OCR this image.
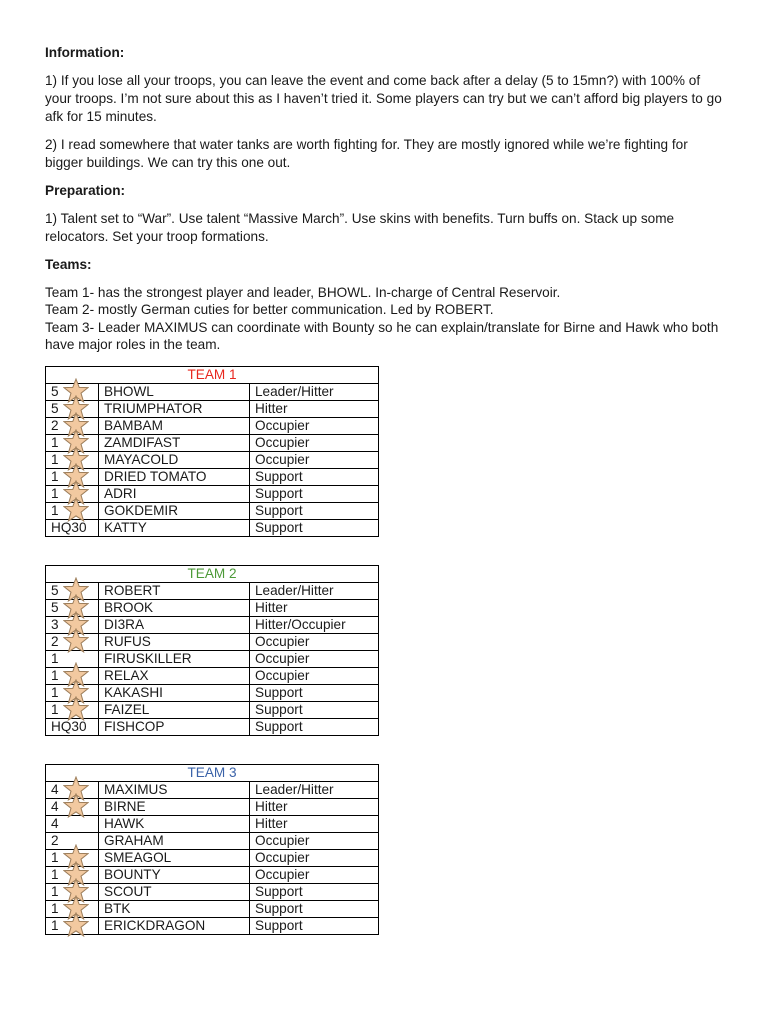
Information:

1) If you lose all your troops, you can leave the event and come back after a delay (5 to 15mn?) with 100% of your troops. I’m not sure about this as I haven’t tried it. Some players can try but we can’t afford big players to go afk for 15 minutes.

2) I read somewhere that water tanks are worth fighting for. They are mostly ignored while we’re fighting for bigger buildings. We can try this one out.

Preparation:

1) Talent set to “War”. Use talent “Massive March”. Use skins with benefits. Turn buffs on. Stack up some relocators. Set your troop formations.

Teams:

Team 1- has the strongest player and leader, BHOWL. In-charge of Central Reservoir.
Team 2- mostly German cuties for better communication. Led by ROBERT.
Team 3- Leader MAXIMUS can coordinate with Bounty so he can explain/translate for Birne and Hawk who both have major roles in the team.
TEAM 1		

5	BHOWL	Leader/Hitter

5	TRIUMPHATOR	Hitter

2	BAMBAM	Occupier

1	ZAMDIFAST	Occupier

1	MAYACOLD	Occupier

1	DRIED TOMATO	Support

1	ADRI	Support

1	GOKDEMIR	Support
HQ30	KATTY	Support
TEAM 2		

5	ROBERT	Leader/Hitter

5	BROOK	Hitter

3	DI3RA	Hitter/Occupier

2	RUFUS	Occupier
1	FIRUSKILLER	Occupier

1	RELAX	Occupier

1	KAKASHI	Support

1	FAIZEL	Support
HQ30	FISHCOP	Support
TEAM 3		

4	MAXIMUS	Leader/Hitter

4	BIRNE	Hitter
4	HAWK	Hitter
2	GRAHAM	Occupier

1	SMEAGOL	Occupier

1	BOUNTY	Occupier

1	SCOUT	Support

1	BTK	Support

1	ERICKDRAGON	Support
